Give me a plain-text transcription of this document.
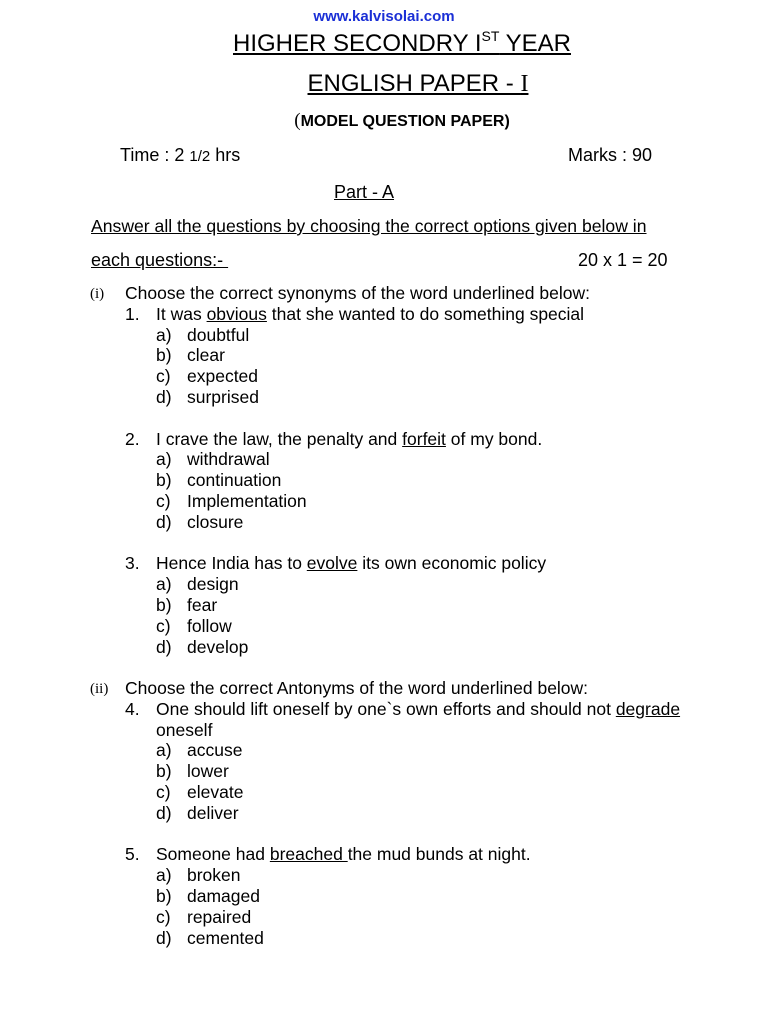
www.kalvisolai.com
HIGHER SECONDRY IST YEAR
ENGLISH PAPER - I
(MODEL QUESTION PAPER)
Time : 2 1/2 hrs	Marks : 90
Part - A
Answer all the questions by choosing the correct options given below in
each questions:-	20 x 1 = 20
(i) Choose the correct synonyms of the word underlined below:
1. It was obvious that she wanted to do something special
a) doubtful
b) clear
c) expected
d) surprised
2. I crave the law, the penalty and forfeit of my bond.
a) withdrawal
b) continuation
c) Implementation
d) closure
3. Hence India has to evolve its own economic policy
a) design
b) fear
c) follow
d) develop
(ii) Choose the correct Antonyms of the word underlined below:
4. One should lift oneself by one`s own efforts and should not degrade
oneself
a) accuse
b) lower
c) elevate
d) deliver
5. Someone had breached the mud bunds at night.
a) broken
b) damaged
c) repaired
d) cemented
